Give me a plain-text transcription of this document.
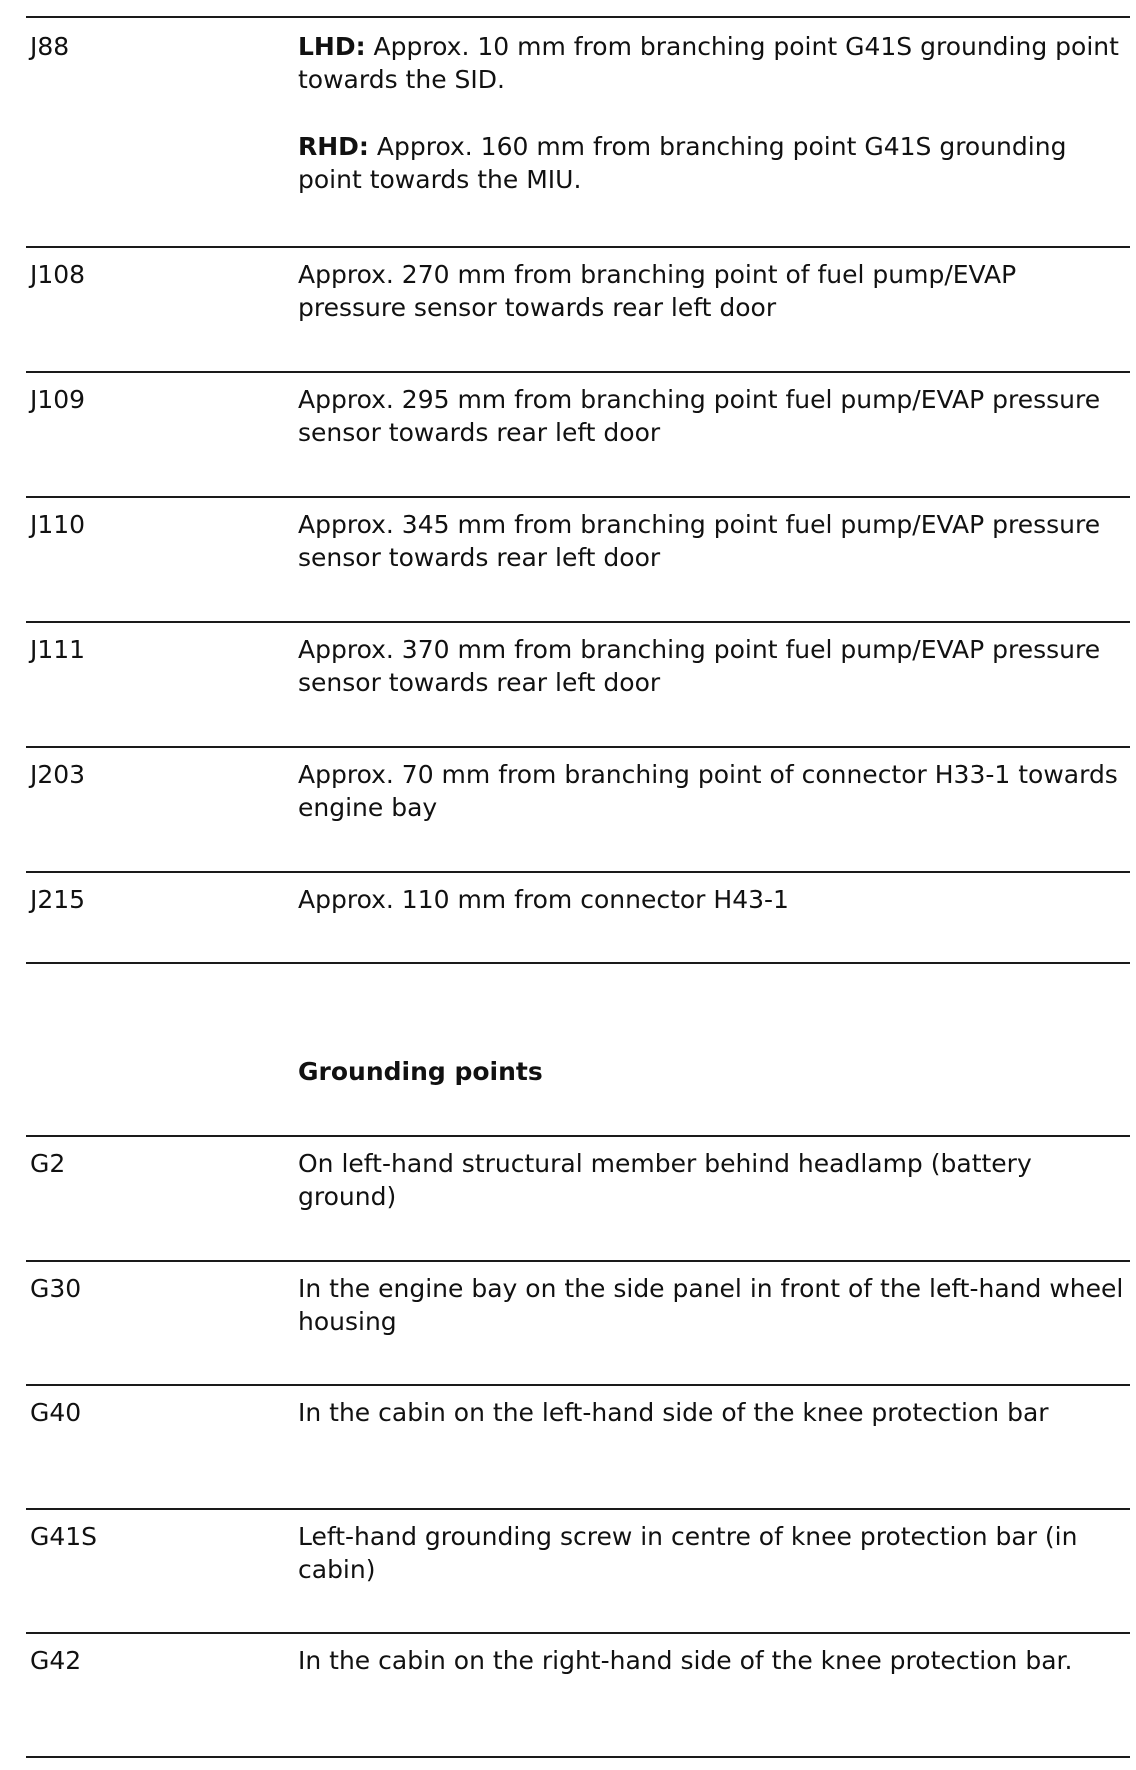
J88	LHD: Approx. 10 mm from branching point G41S grounding point towards the SID.

RHD: Approx. 160 mm from branching point G41S grounding point towards the MIU.

J108	Approx. 270 mm from branching point of fuel pump/EVAP pressure sensor towards rear left door

J109	Approx. 295 mm from branching point fuel pump/EVAP pressure sensor towards rear left door

J110	Approx. 345 mm from branching point fuel pump/EVAP pressure sensor towards rear left door

J111	Approx. 370 mm from branching point fuel pump/EVAP pressure sensor towards rear left door

J203	Approx. 70 mm from branching point of connector H33-1 towards engine bay

J215	Approx. 110 mm from connector H43-1

Grounding points
G2	On left-hand structural member behind headlamp (battery ground)

G30	In the engine bay on the side panel in front of the left-hand wheel housing

G40	In the cabin on the left-hand side of the knee protection bar

G41S	Left-hand grounding screw in centre of knee protection bar (in cabin)

G42	In the cabin on the right-hand side of the knee protection bar.
